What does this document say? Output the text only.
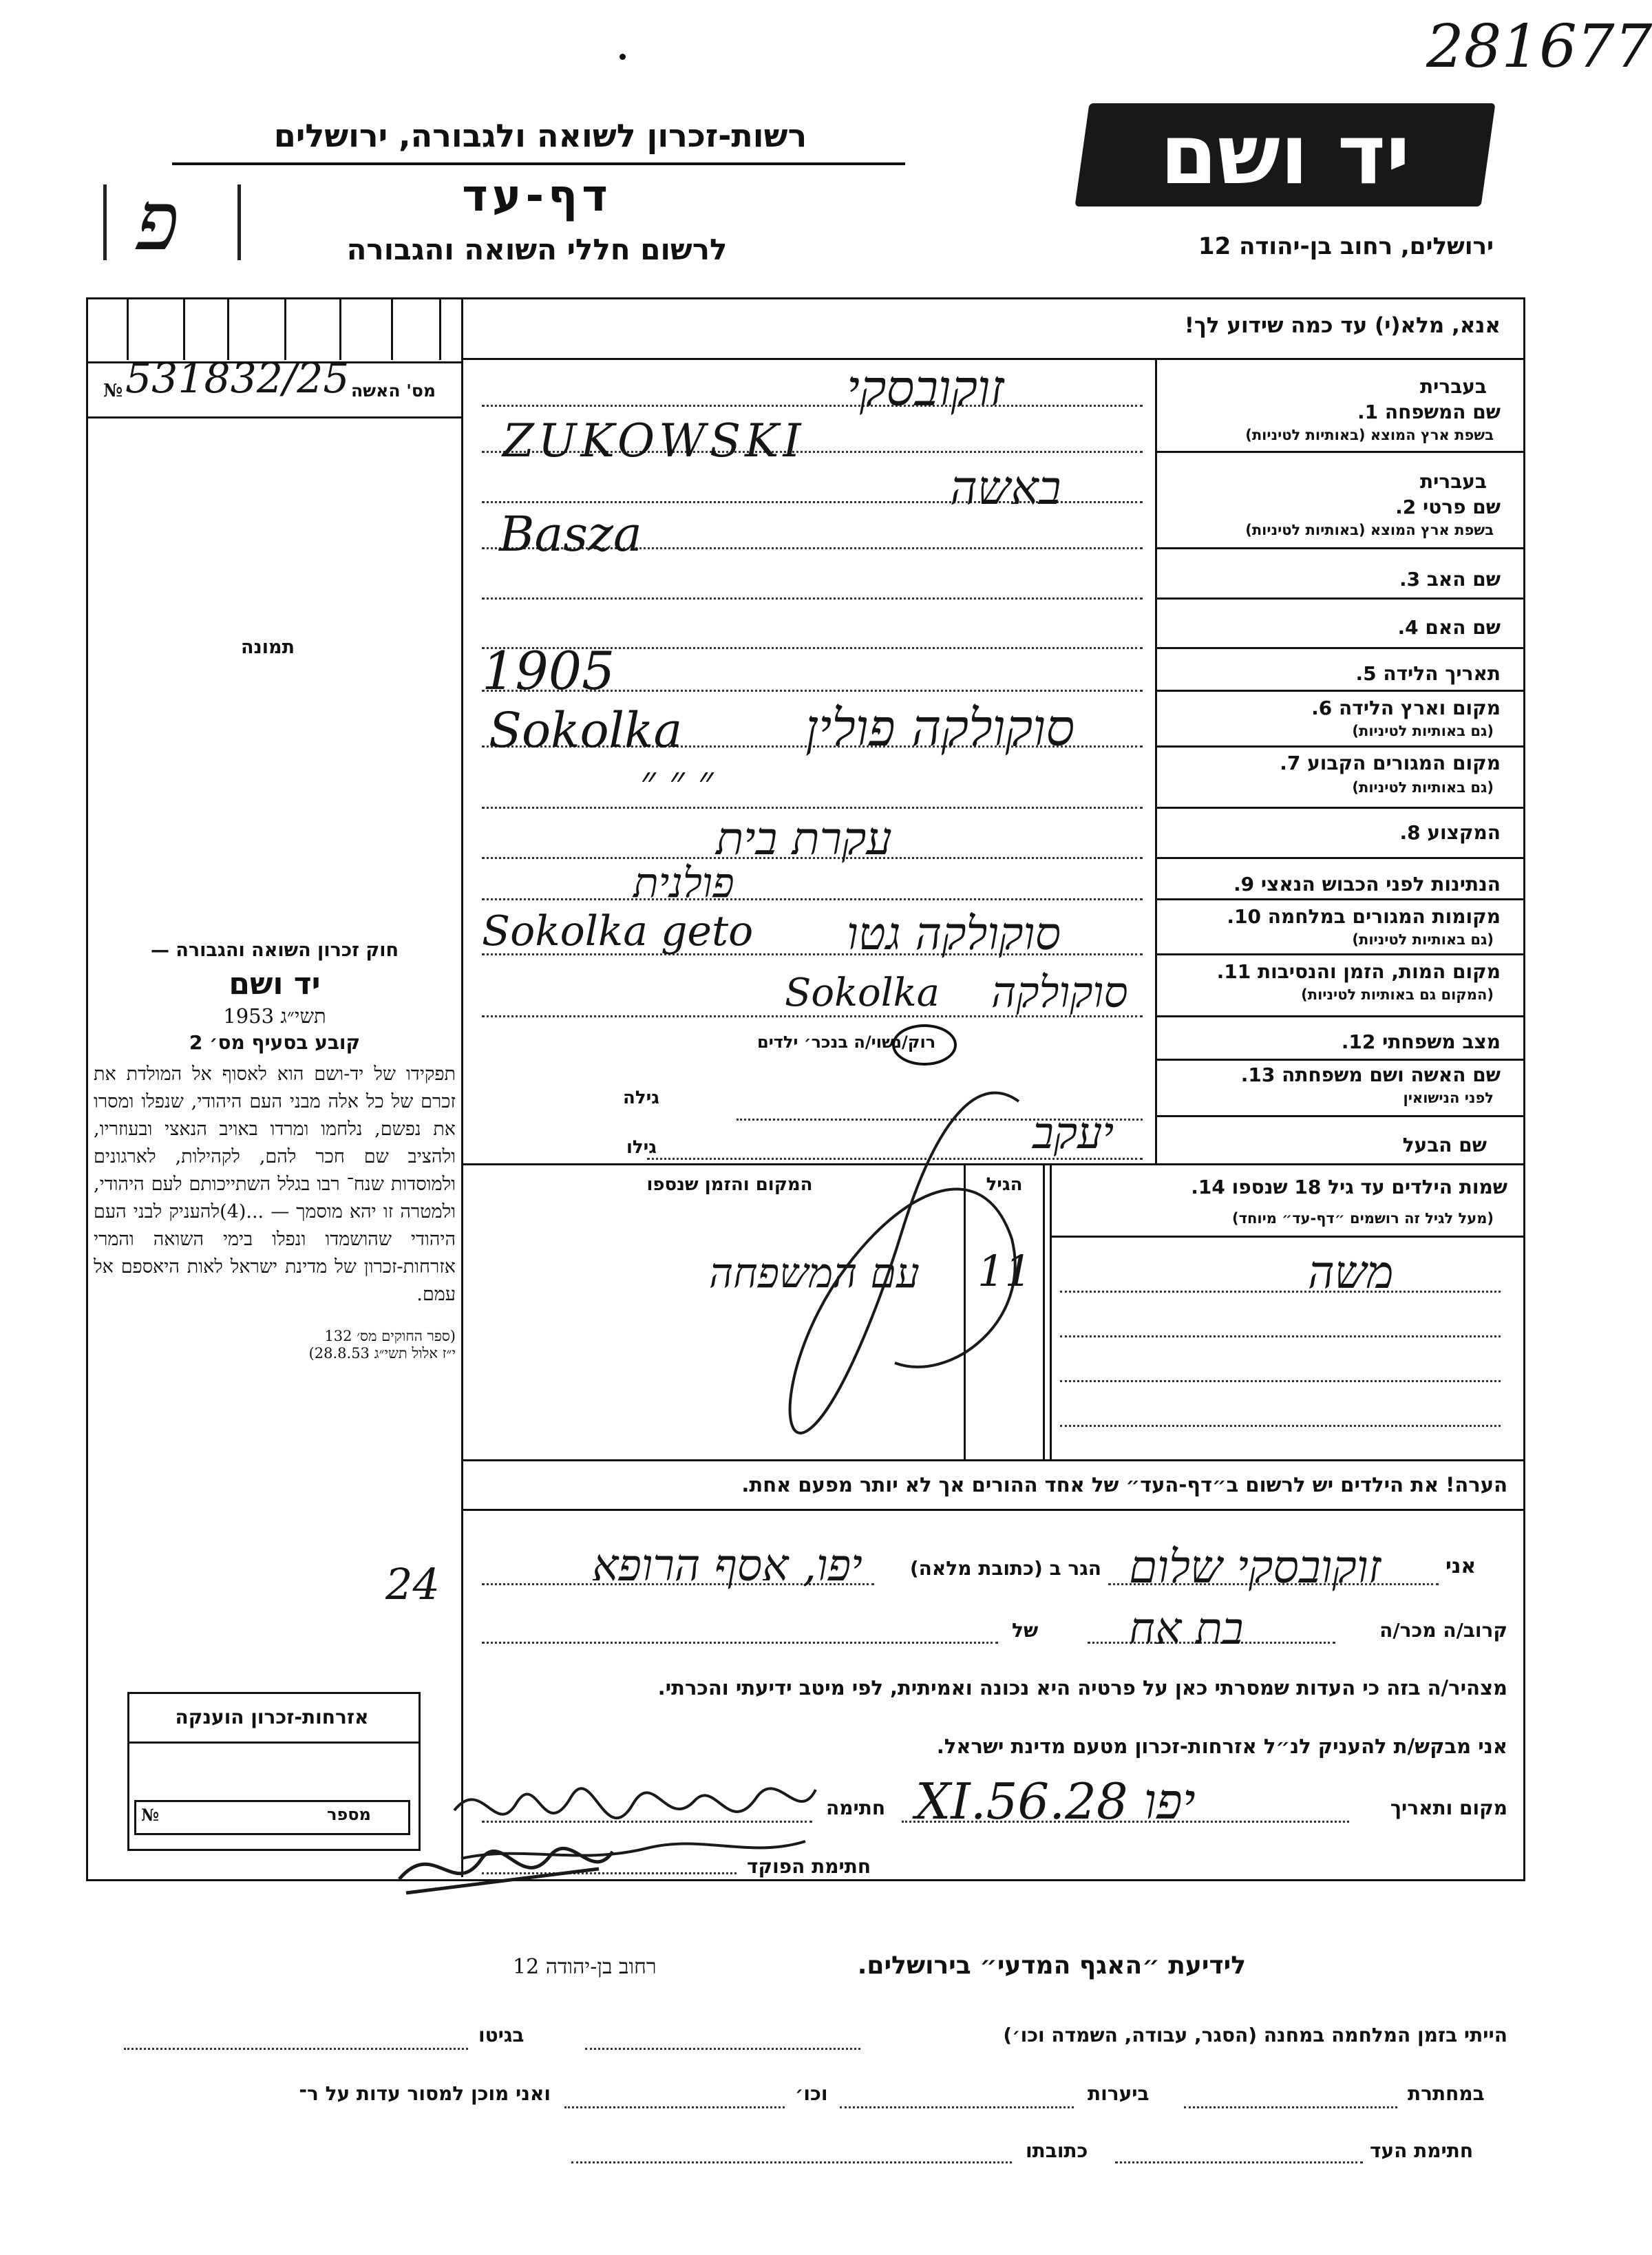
281677
רשות-זכרון לשואה ולגבורה, ירושלים
דף-עד
לרשום חללי השואה והגבורה
פ
יד ושם
ירושלים, רחוב בן-יהודה 12
אנא, מלא(י) עד כמה שידוע לך!
מס' האשה
№ 531832/25
תמונה
חוק זכרון השואה והגבורה —
יד ושם
תשי״ג 1953
קובע בסעיף מס׳ 2
תפקידו של יד-ושם הוא לאסוף אל המולדת את זכרם של כל אלה מבני העם היהודי, שנפלו ומסרו את נפשם, נלחמו ומרדו באויב הנאצי ובעוזריו, ולהציב שם חכר להם, לקהילות, לארגונים ולמוסדות שנח־ רבו בגלל השתייכותם לעם היהודי, ולמטרה זו יהא מוסמך — ...(4)להעניק לבני העם היהודי שהושמדו ונפלו בימי השואה והמרי אזרחות-זכרון של מדינת ישראל לאות היאספם אל עמם.
(ספר החוקים מס׳ 132
י״ז אלול תשי״ג 28.8.53)
בעברית
שם המשפחה 1.
בשפת ארץ המוצא (באותיות לטיניות)
בעברית
שם פרטי 2.
בשפת ארץ המוצא (באותיות לטיניות)
שם האב 3.
שם האם 4.
תאריך הלידה 5.
מקום וארץ הלידה 6.
(גם באותיות לטיניות)
מקום המגורים הקבוע 7.
(גם באותיות לטיניות)
המקצוע 8.
הנתינות לפני הכבוש הנאצי 9.
מקומות המגורים במלחמה 10.
(גם באותיות לטיניות)
מקום המות, הזמן והנסיבות 11.
(המקום גם באותיות לטיניות)
מצב משפחתי 12.
שם האשה ושם משפחתה 13.
לפני הנישואין
שם הבעל
זוקובסקי
ZUKOWSKI
באשה
Basza
1905
סוקולקה פולין
Sokolka
״ ״ ״
עקרת בית
פולנית
Sokolka geto סוקולקה גטו
Sokolka סוקולקה
רוק/נשוי/ה בנכר׳ ילדים
גילה
גילו	יעקב
שמות הילדים עד גיל 18 שנספו 14.
(מעל לגיל זה רושמים ״דף-עד״ מיוחד)
הגיל
המקום והזמן שנספו
משה
11
עם המשפחה
הערה! את הילדים יש לרשום ב״דף-העד״ של אחד ההורים אך לא יותר מפעם אחת.
אני
זוקובסקי שלום
הגר ב (כתובת מלאה)
יפו, אסף הרופא
24
קרוב/ה מכר/ה
בת אח
של
מצהיר/ה בזה כי העדות שמסרתי כאן על פרטיה היא נכונה ואמיתית, לפי מיטב ידיעתי והכרתי.
אני מבקש/ת להעניק לנ״ל אזרחות-זכרון מטעם מדינת ישראל.
מקום ותאריך
יפו 28.XI.56
חתימה
חתימת הפוקד
אזרחות-זכרון הוענקה
מספר
№
לידיעת ״האגף המדעי״ בירושלים.
רחוב בן-יהודה 12
הייתי בזמן המלחמה במחנה (הסגר, עבודה, השמדה וכו׳)
בגיטו
במחתרת
ביערות
וכו׳
ואני מוכן למסור עדות על ר־
חתימת העד
כתובתו
